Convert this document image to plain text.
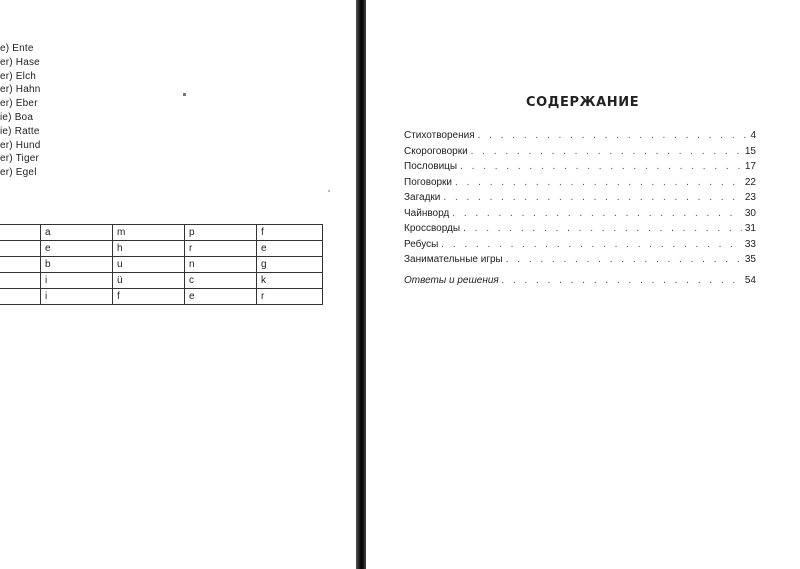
е) Ente
er) Hase
er) Elch
er) Hahn
er) Eber
ie) Boa
ie) Ratte
er) Hund
er) Tiger
er) Egel
	a	m	p	f
	e	h	r	e
	b	u	n	g
	i	ü	c	k
	i	f	e	r
СОДЕРЖАНИЕ
Стихотворения . . .	4
Скороговорки . . .	15
Пословицы . . .	17
Поговорки . . .	22
Загадки . . .	23
Чайнворд . . .	30
Кроссворды . . .	31
Ребусы . . .	33
Занимательные игры . . .	35
Ответы и решения . . .	54
